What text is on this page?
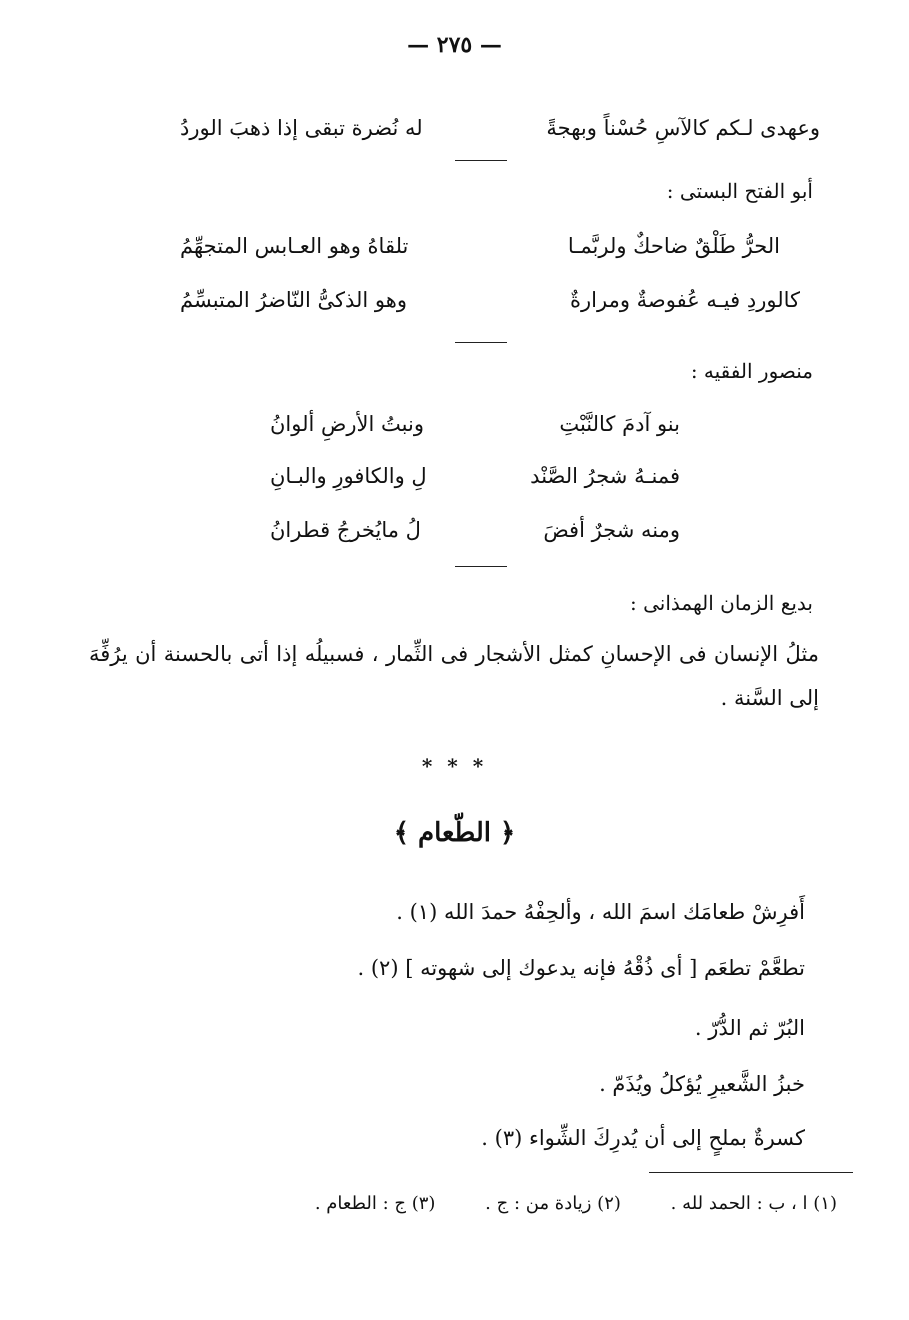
— ٢٧٥ —
وعهدى لـكم كالآسِ حُسْناً وبهجةً
له نُضرة تبقى إذا ذهبَ الوردُ
أبو الفتح البستى :
الحرُّ طَلْقٌ ضاحكٌ ولربَّمـا
تلقاهُ وهو العـابس المتجهِّمُ
كالوردِ فيـه عُفوصةٌ ومرارةٌ
وهو الذكىُّ النّاضرُ المتبسِّمُ
منصور الفقيه :
بنو آدمَ كالنَّبْتِ
ونبتُ الأرضِ ألوانُ
فمنـهُ شجرُ الصَّنْد
لِ والكافورِ والبـانِ
ومنه شجرٌ أفضَ
لُ مايُخرجُ قطرانُ
بديع الزمان الهمذانى :
مثلُ الإنسان فى الإحسانِ كمثل الأشجار فى الثِّمار ، فسبيلُه إذا أتى بالحسنة أن يرُفِّهَ إلى السَّنة .
* * *
﴿ الطّعام ﴾
أَفرِشْ طعامَك اسمَ الله ، وألحِفْهُ حمدَ الله (١) .
تطعَّمْ تطعَم [ أى ذُقْهُ فإنه يدعوك إلى شهوته ] (٢) .
البُرّ ثم الدُّرّ .
خبزُ الشَّعيرِ يُؤكلُ ويُذَمّ .
كسرةٌ بملحٍ إلى أن يُدرِكَ الشِّواء (٣) .
(١) ا ، ب : الحمد لله . (٢) زيادة من : ج . (٣) ج : الطعام .
